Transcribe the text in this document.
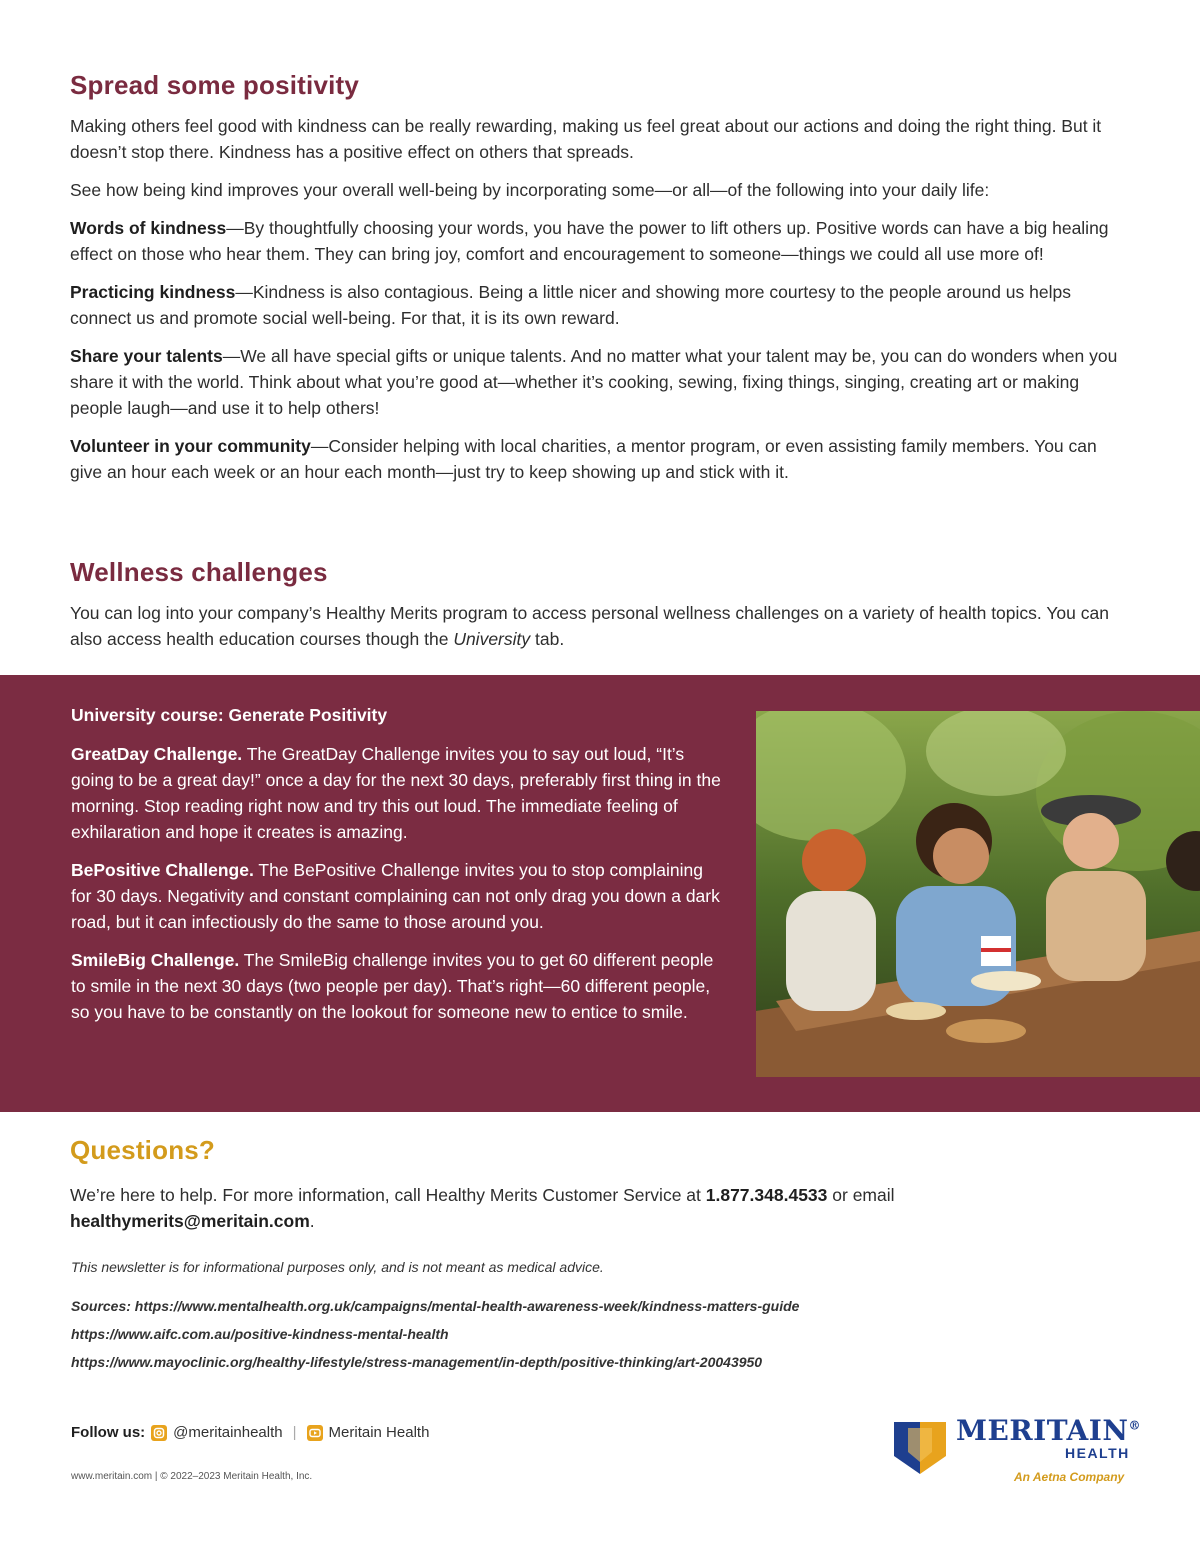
Spread some positivity

Making others feel good with kindness can be really rewarding, making us feel great about our actions and doing the right thing. But it doesn’t stop there. Kindness has a positive effect on others that spreads.

See how being kind improves your overall well-being by incorporating some—or all—of the following into your daily life:

Words of kindness—By thoughtfully choosing your words, you have the power to lift others up. Positive words can have a big healing effect on those who hear them. They can bring joy, comfort and encouragement to someone—things we could all use more of!

Practicing kindness—Kindness is also contagious. Being a little nicer and showing more courtesy to the people around us helps connect us and promote social well-being. For that, it is its own reward.

Share your talents—We all have special gifts or unique talents. And no matter what your talent may be, you can do wonders when you share it with the world. Think about what you’re good at—whether it’s cooking, sewing, fixing things, singing, creating art or making people laugh—and use it to help others!

Volunteer in your community—Consider helping with local charities, a mentor program, or even assisting family members. You can give an hour each week or an hour each month—just try to keep showing up and stick with it.

Wellness challenges

You can log into your company’s Healthy Merits program to access personal wellness challenges on a variety of health topics. You can also access health education courses though the University tab.

University course: Generate Positivity

GreatDay Challenge. The GreatDay Challenge invites you to say out loud, “It’s going to be a great day!” once a day for the next 30 days, preferably first thing in the morning. Stop reading right now and try this out loud. The immediate feeling of exhilaration and hope it creates is amazing.

BePositive Challenge. The BePositive Challenge invites you to stop complaining for 30 days. Negativity and constant complaining can not only drag you down a dark road, but it can infectiously do the same to those around you.

SmileBig Challenge. The SmileBig challenge invites you to get 60 different people to smile in the next 30 days (two people per day). That’s right—60 different people, so you have to be constantly on the lookout for someone new to entice to smile.

Questions?

We’re here to help. For more information, call Healthy Merits Customer Service at 1.877.348.4533 or email healthymerits@meritain.com.

This newsletter is for informational purposes only, and is not meant as medical advice.
Sources: https://www.mentalhealth.org.uk/campaigns/mental-health-awareness-week/kindness-matters-guide
https://www.aifc.com.au/positive-kindness-mental-health
https://www.mayoclinic.org/healthy-lifestyle/stress-management/in-depth/positive-thinking/art-20043950
Follow us: @meritainhealth | Meritain Health
www.meritain.com | © 2022–2023 Meritain Health, Inc.
MERITAIN®
HEALTH
An Aetna Company
